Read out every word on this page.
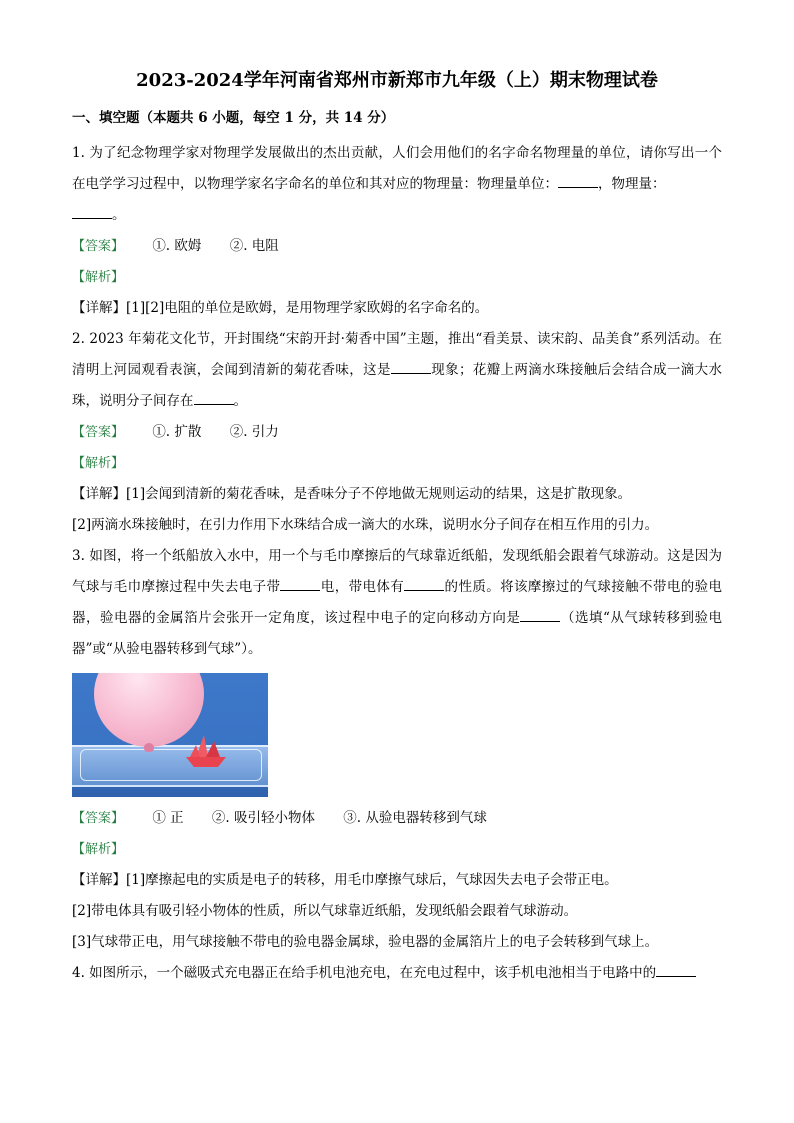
2023-2024学年河南省郑州市新郑市九年级（上）期末物理试卷
一、填空题（本题共 6 小题，每空 1 分，共 14 分）

1. 为了纪念物理学家对物理学发展做出的杰出贡献，人们会用他们的名字命名物理量的单位，请你写出一个在电学学习过程中，以物理学家名字命名的单位和其对应的物理量：物理量单位：	，物理量：
。

【答案】 ①. 欧姆 ②. 电阻

【解析】

【详解】[1][2]电阻的单位是欧姆，是用物理学家欧姆的名字命名的。

2. 2023 年菊花文化节，开封围绕“宋韵开封·菊香中国”主题，推出“看美景、读宋韵、品美食”系列活动。在清明上河园观看表演，会闻到清新的菊花香味，这是	现象；花瓣上两滴水珠接触后会结合成一滴大水珠，说明分子间存在	。

【答案】 ①. 扩散 ②. 引力

【解析】

【详解】[1]会闻到清新的菊花香味，是香味分子不停地做无规则运动的结果，这是扩散现象。

[2]两滴水珠接触时，在引力作用下水珠结合成一滴大的水珠，说明水分子间存在相互作用的引力。

3. 如图，将一个纸船放入水中，用一个与毛巾摩擦后的气球靠近纸船，发现纸船会跟着气球游动。这是因为气球与毛巾摩擦过程中失去电子带	电，带电体有	的性质。将该摩擦过的气球接触不带电的验电器，验电器的金属箔片会张开一定角度，该过程中电子的定向移动方向是	（选填“从气球转移到验电器”或“从验电器转移到气球”）。

【答案】 ① 正 ②. 吸引轻小物体 ③. 从验电器转移到气球

【解析】

【详解】[1]摩擦起电的实质是电子的转移，用毛巾摩擦气球后，气球因失去电子会带正电。

[2]带电体具有吸引轻小物体的性质，所以气球靠近纸船，发现纸船会跟着气球游动。

[3]气球带正电，用气球接触不带电的验电器金属球，验电器的金属箔片上的电子会转移到气球上。

4. 如图所示，一个磁吸式充电器正在给手机电池充电，在充电过程中，该手机电池相当于电路中的
